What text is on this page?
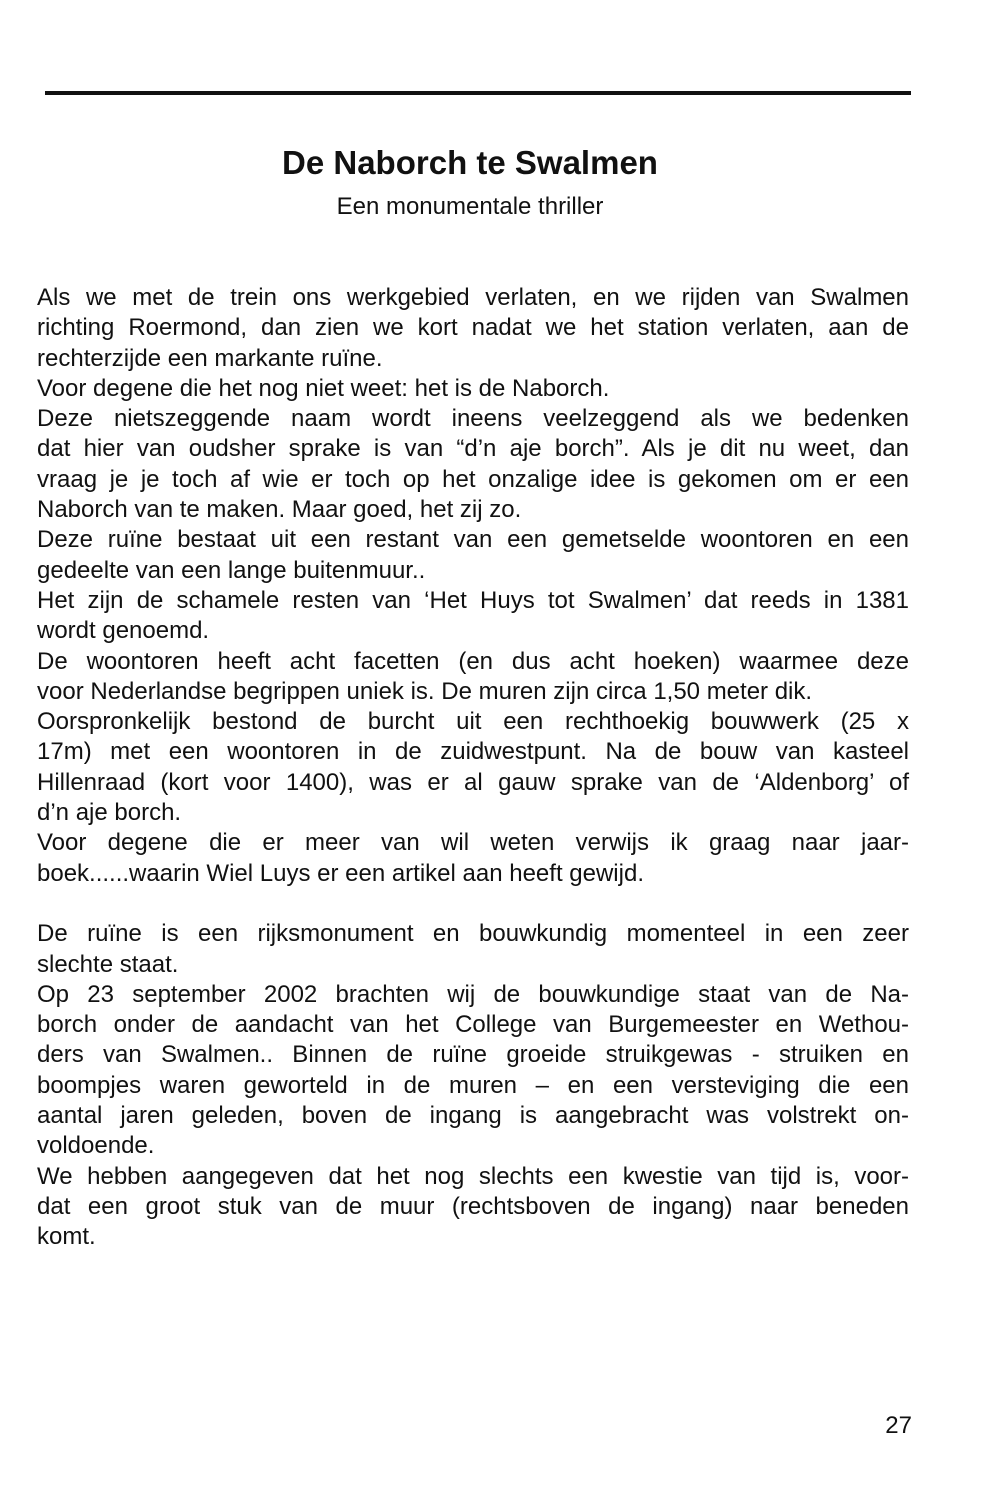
De Naborch te Swalmen
Een monumentale thriller
Als we met de trein ons werkgebied verlaten, en we rijden van Swalmen
richting Roermond, dan zien we kort nadat we het station verlaten, aan de
rechterzijde een markante ruïne.
Voor degene die het nog niet weet: het is de Naborch.
Deze nietszeggende naam wordt ineens veelzeggend als we bedenken
dat hier van oudsher sprake is van “d’n aje borch”. Als je dit nu weet, dan
vraag je je toch af wie er toch op het onzalige idee is gekomen om er een
Naborch van te maken. Maar goed, het zij zo.
Deze ruïne bestaat uit een restant van een gemetselde woontoren en een
gedeelte van een lange buitenmuur..
Het zijn de schamele resten van ‘Het Huys tot Swalmen’ dat reeds in 1381
wordt genoemd.
De woontoren heeft acht facetten (en dus acht hoeken) waarmee deze
voor Nederlandse begrippen uniek is. De muren zijn circa 1,50 meter dik.
Oorspronkelijk bestond de burcht uit een rechthoekig bouwwerk (25 x
17m) met een woontoren in de zuidwestpunt. Na de bouw van kasteel
Hillenraad (kort voor 1400), was er al gauw sprake van de ‘Aldenborg’ of
d’n aje borch.
Voor degene die er meer van wil weten verwijs ik graag naar jaar-
boek......waarin Wiel Luys er een artikel aan heeft gewijd.
De ruïne is een rijksmonument en bouwkundig momenteel in een zeer
slechte staat.
Op 23 september 2002 brachten wij de bouwkundige staat van de Na-
borch onder de aandacht van het College van Burgemeester en Wethou-
ders van Swalmen.. Binnen de ruïne groeide struikgewas - struiken en
boompjes waren geworteld in de muren – en een versteviging die een
aantal jaren geleden, boven de ingang is aangebracht was volstrekt on-
voldoende.
We hebben aangegeven dat het nog slechts een kwestie van tijd is, voor-
dat een groot stuk van de muur (rechtsboven de ingang) naar beneden
komt.
27
